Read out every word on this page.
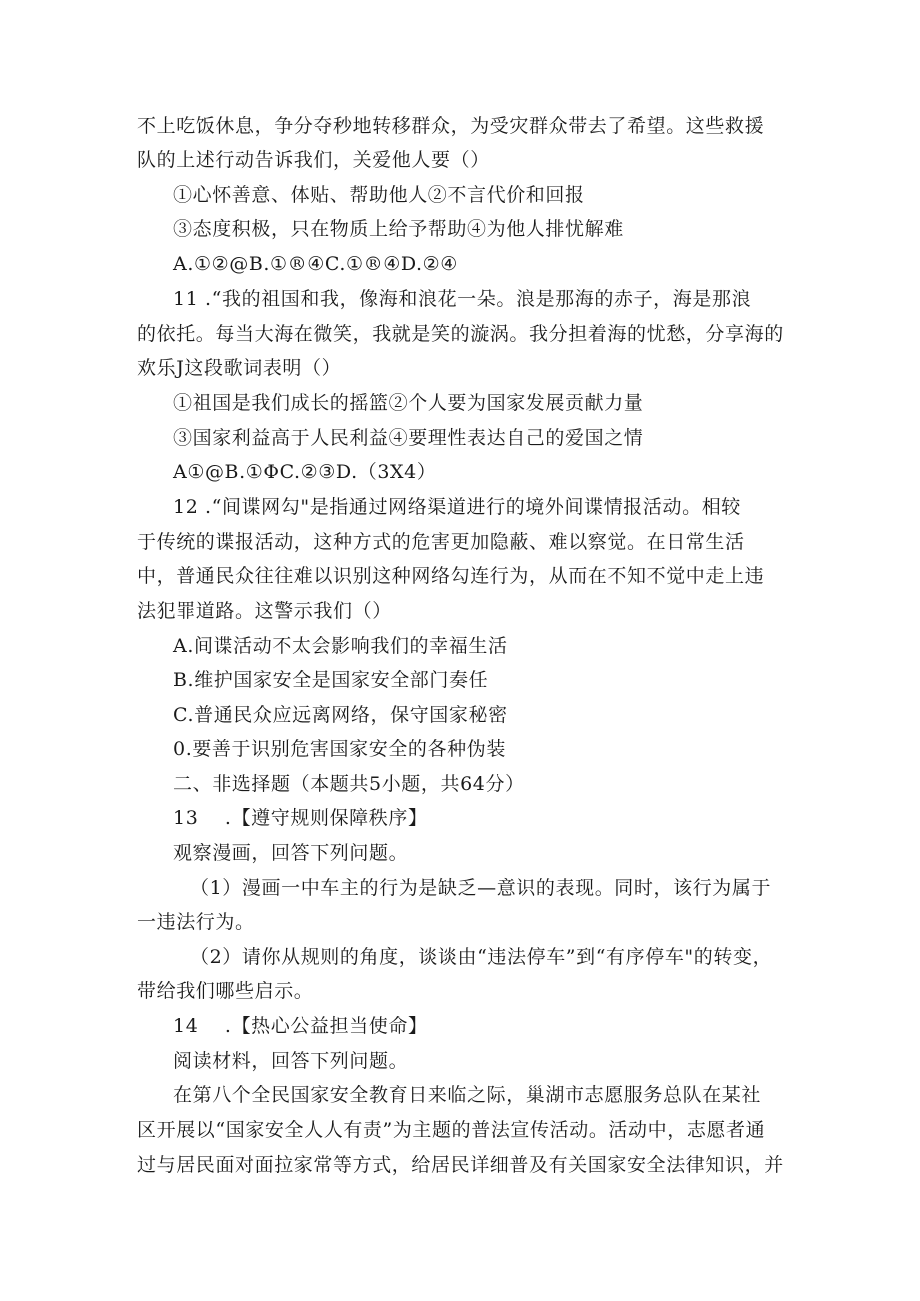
不上吃饭休息，争分夺秒地转移群众，为受灾群众带去了希望。这些救援
队的上述行动告诉我们，关爱他人要（）
①心怀善意、体贴、帮助他人②不言代价和回报
③态度积极，只在物质上给予帮助④为他人排忧解难
A.①②@B.①®④C.①®④D.②④
11 .“我的祖国和我，像海和浪花一朵。浪是那海的赤子，海是那浪
的依托。每当大海在微笑，我就是笑的漩涡。我分担着海的忧愁，分享海的
欢乐J这段歌词表明（）
①祖国是我们成长的摇篮②个人要为国家发展贡献力量
③国家利益高于人民利益④要理性表达自己的爱国之情
A①@B.①ΦC.②③D.（3X4）
12 .“间谍网勾"是指通过网络渠道进行的境外间谍情报活动。相较
于传统的谍报活动，这种方式的危害更加隐蔽、难以察觉。在日常生活
中，普通民众往往难以识别这种网络勾连行为，从而在不知不觉中走上违
法犯罪道路。这警示我们（）
A.间谍活动不太会影响我们的幸福生活
B.维护国家安全是国家安全部门奏任
C.普通民众应远离网络，保守国家秘密
0.要善于识别危害国家安全的各种伪装
二、非选择题（本题共5小题，共64分）
13    .【遵守规则保障秩序】
观察漫画，回答下列问题。
（1）漫画一中车主的行为是缺乏—意识的表现。同时，该行为属于
一违法行为。
（2）请你从规则的角度，谈谈由“违法停车”到“有序停车"的转变，
带给我们哪些启示。
14    .【热心公益担当使命】
阅读材料，回答下列问题。
在第八个全民国家安全教育日来临之际，巢湖市志愿服务总队在某社
区开展以“国家安全人人有责”为主题的普法宣传活动。活动中，志愿者通
过与居民面对面拉家常等方式，给居民详细普及有关国家安全法律知识，并
